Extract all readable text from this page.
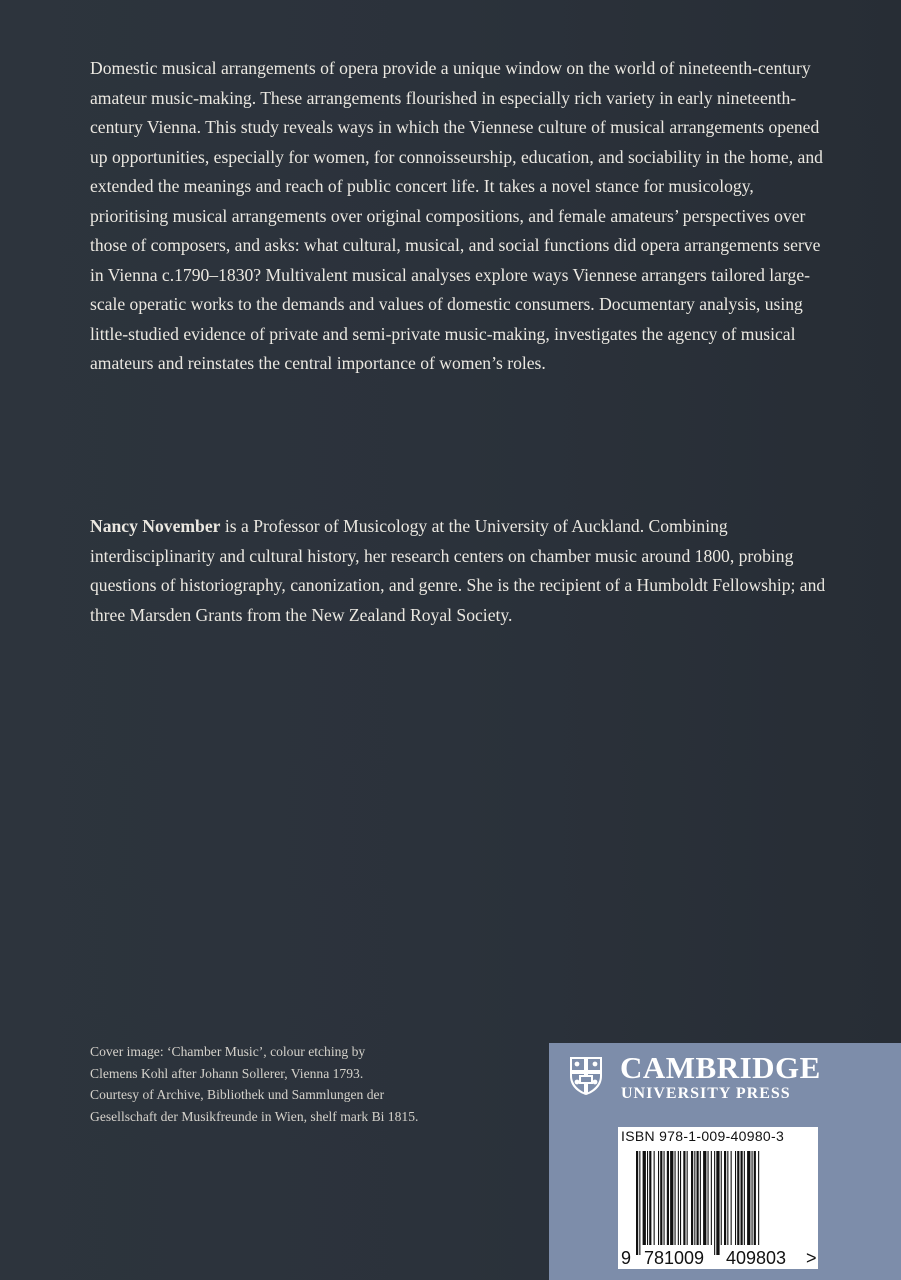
Domestic musical arrangements of opera provide a unique window on the world of nineteenth-century amateur music-making. These arrangements flourished in especially rich variety in early nineteenth-century Vienna. This study reveals ways in which the Viennese culture of musical arrangements opened up opportunities, especially for women, for connoisseurship, education, and sociability in the home, and extended the meanings and reach of public concert life. It takes a novel stance for musicology, prioritising musical arrangements over original compositions, and female amateurs’ perspectives over those of composers, and asks: what cultural, musical, and social functions did opera arrangements serve in Vienna c.1790–1830? Multivalent musical analyses explore ways Viennese arrangers tailored large-scale operatic works to the demands and values of domestic consumers. Documentary analysis, using little-studied evidence of private and semi-private music-making, investigates the agency of musical amateurs and reinstates the central importance of women’s roles.

Nancy November is a Professor of Musicology at the University of Auckland. Combining interdisciplinarity and cultural history, her research centers on chamber music around 1800, probing questions of historiography, canonization, and genre. She is the recipient of a Humboldt Fellowship; and three Marsden Grants from the New Zealand Royal Society.

Cover image: ‘Chamber Music’, colour etching by
Clemens Kohl after Johann Sollerer, Vienna 1793.
Courtesy of Archive, Bibliothek und Sammlungen der
Gesellschaft der Musikfreunde in Wien, shelf mark Bi 1815.
CAMBRIDGE
UNIVERSITY PRESS
ISBN 978-1-009-40980-3
9 781009 409803 >
